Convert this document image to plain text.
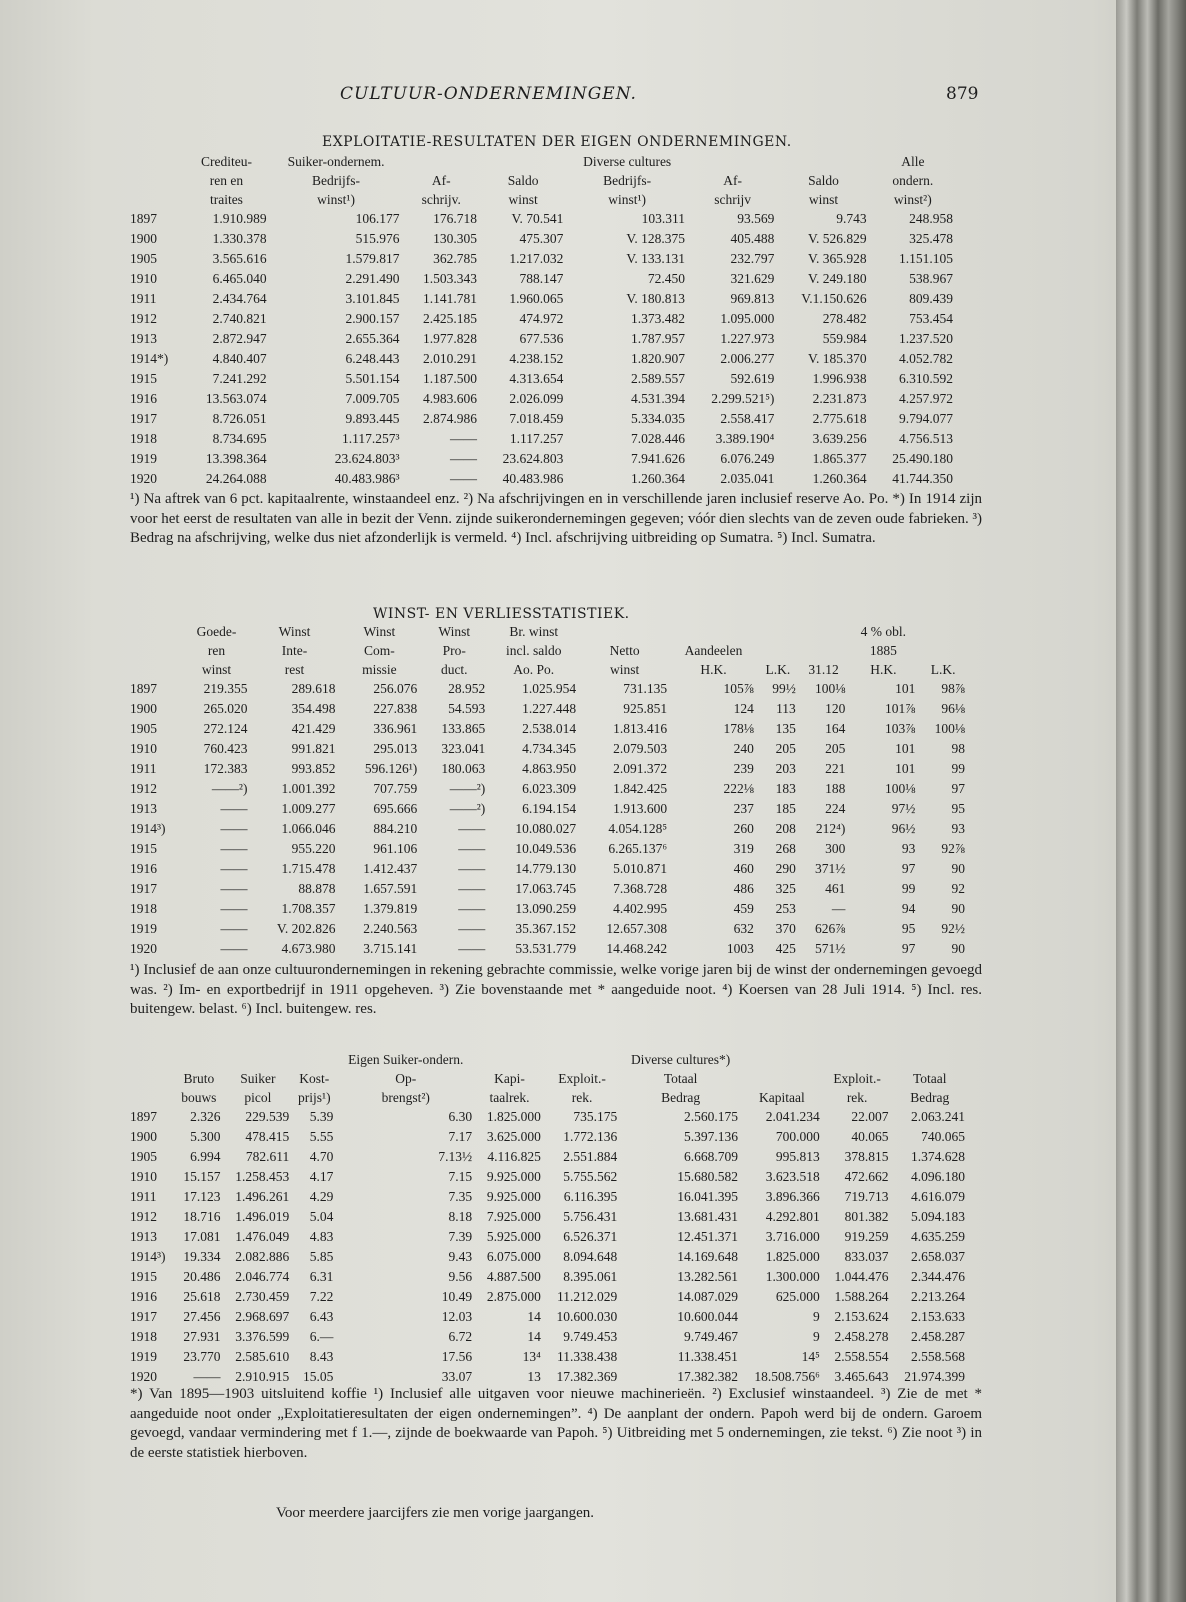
CULTUUR-ONDERNEMINGEN.	879
EXPLOITATIE-RESULTATEN DER EIGEN ONDERNEMINGEN.
	Crediteu-	Suiker-ondernem.			Diverse cultures			Alle
	ren en	Bedrijfs-	Af-	Saldo	Bedrijfs-	Af-	Saldo	ondern.
	traites	winst¹)	schrijv.	winst	winst¹)	schrijv	winst	winst²)
1897	1.910.989	106.177	176.718	V. 70.541	103.311	93.569	9.743	248.958
1900	1.330.378	515.976	130.305	475.307	V. 128.375	405.488	V. 526.829	325.478
1905	3.565.616	1.579.817	362.785	1.217.032	V. 133.131	232.797	V. 365.928	1.151.105
1910	6.465.040	2.291.490	1.503.343	788.147	72.450	321.629	V. 249.180	538.967
1911	2.434.764	3.101.845	1.141.781	1.960.065	V. 180.813	969.813	V.1.150.626	809.439
1912	2.740.821	2.900.157	2.425.185	474.972	1.373.482	1.095.000	278.482	753.454
1913	2.872.947	2.655.364	1.977.828	677.536	1.787.957	1.227.973	559.984	1.237.520
1914*)	4.840.407	6.248.443	2.010.291	4.238.152	1.820.907	2.006.277	V. 185.370	4.052.782
1915	7.241.292	5.501.154	1.187.500	4.313.654	2.589.557	592.619	1.996.938	6.310.592
1916	13.563.074	7.009.705	4.983.606	2.026.099	4.531.394	2.299.521⁵)	2.231.873	4.257.972
1917	8.726.051	9.893.445	2.874.986	7.018.459	5.334.035	2.558.417	2.775.618	9.794.077
1918	8.734.695	1.117.257³	——	1.117.257	7.028.446	3.389.190⁴	3.639.256	4.756.513
1919	13.398.364	23.624.803³	——	23.624.803	7.941.626	6.076.249	1.865.377	25.490.180
1920	24.264.088	40.483.986³	——	40.483.986	1.260.364	2.035.041	1.260.364	41.744.350
¹) Na aftrek van 6 pct. kapitaalrente, winstaandeel enz. ²) Na afschrijvingen en in verschillende jaren inclusief reserve Ao. Po. *) In 1914 zijn voor het eerst de resultaten van alle in bezit der Venn. zijnde suikerondernemingen gegeven; vóór dien slechts van de zeven oude fabrieken. ³) Bedrag na afschrijving, welke dus niet afzonderlijk is vermeld. ⁴) Incl. afschrijving uitbreiding op Sumatra. ⁵) Incl. Sumatra.
WINST- EN VERLIESSTATISTIEK.
	Goede-	Winst	Winst	Winst	Br. winst					4 % obl.	
	ren	Inte-	Com-	Pro-	incl. saldo	Netto	Aandeelen			1885	
	winst	rest	missie	duct.	Ao. Po.	winst	H.K.	L.K.	31.12	H.K.	L.K.
1897	219.355	289.618	256.076	28.952	1.025.954	731.135	105⅞	99½	100⅛	101	98⅞
1900	265.020	354.498	227.838	54.593	1.227.448	925.851	124	113	120	101⅞	96⅛
1905	272.124	421.429	336.961	133.865	2.538.014	1.813.416	178⅛	135	164	103⅞	100⅛
1910	760.423	991.821	295.013	323.041	4.734.345	2.079.503	240	205	205	101	98
1911	172.383	993.852	596.126¹)	180.063	4.863.950	2.091.372	239	203	221	101	99
1912	——²)	1.001.392	707.759	——²)	6.023.309	1.842.425	222⅛	183	188	100⅛	97
1913	——	1.009.277	695.666	——²)	6.194.154	1.913.600	237	185	224	97½	95
1914³)	——	1.066.046	884.210	——	10.080.027	4.054.128⁵	260	208	212⁴)	96½	93
1915	——	955.220	961.106	——	10.049.536	6.265.137⁶	319	268	300	93	92⅞
1916	——	1.715.478	1.412.437	——	14.779.130	5.010.871	460	290	371½	97	90
1917	——	88.878	1.657.591	——	17.063.745	7.368.728	486	325	461	99	92
1918	——	1.708.357	1.379.819	——	13.090.259	4.402.995	459	253	—	94	90
1919	——	V. 202.826	2.240.563	——	35.367.152	12.657.308	632	370	626⅞	95	92½
1920	——	4.673.980	3.715.141	——	53.531.779	14.468.242	1003	425	571½	97	90
¹) Inclusief de aan onze cultuurondernemingen in rekening gebrachte commissie, welke vorige jaren bij de winst der ondernemingen gevoegd was. ²) Im- en exportbedrijf in 1911 opgeheven. ³) Zie bovenstaande met * aangeduide noot. ⁴) Koersen van 28 Juli 1914. ⁵) Incl. res. buitengew. belast. ⁶) Incl. buitengew. res.
				Eigen Suiker-ondern.			Diverse cultures*)			
	Bruto	Suiker	Kost-	Op-	Kapi-	Exploit.-	Totaal		Exploit.-	Totaal
	bouws	picol	prijs¹)	brengst²)	taalrek.	rek.	Bedrag	Kapitaal	rek.	Bedrag
1897	2.326	229.539	5.39	6.30	1.825.000	735.175	2.560.175	2.041.234	22.007	2.063.241
1900	5.300	478.415	5.55	7.17	3.625.000	1.772.136	5.397.136	700.000	40.065	740.065
1905	6.994	782.611	4.70	7.13½	4.116.825	2.551.884	6.668.709	995.813	378.815	1.374.628
1910	15.157	1.258.453	4.17	7.15	9.925.000	5.755.562	15.680.582	3.623.518	472.662	4.096.180
1911	17.123	1.496.261	4.29	7.35	9.925.000	6.116.395	16.041.395	3.896.366	719.713	4.616.079
1912	18.716	1.496.019	5.04	8.18	7.925.000	5.756.431	13.681.431	4.292.801	801.382	5.094.183
1913	17.081	1.476.049	4.83	7.39	5.925.000	6.526.371	12.451.371	3.716.000	919.259	4.635.259
1914³)	19.334	2.082.886	5.85	9.43	6.075.000	8.094.648	14.169.648	1.825.000	833.037	2.658.037
1915	20.486	2.046.774	6.31	9.56	4.887.500	8.395.061	13.282.561	1.300.000	1.044.476	2.344.476
1916	25.618	2.730.459	7.22	10.49	2.875.000	11.212.029	14.087.029	625.000	1.588.264	2.213.264
1917	27.456	2.968.697	6.43	12.03	14	10.600.030	10.600.044	9	2.153.624	2.153.633
1918	27.931	3.376.599	6.—	6.72	14	9.749.453	9.749.467	9	2.458.278	2.458.287
1919	23.770	2.585.610	8.43	17.56	13⁴	11.338.438	11.338.451	14⁵	2.558.554	2.558.568
1920	——	2.910.915	15.05	33.07	13	17.382.369	17.382.382	18.508.756⁶	3.465.643	21.974.399
*) Van 1895—1903 uitsluitend koffie ¹) Inclusief alle uitgaven voor nieuwe machinerieën. ²) Exclusief winstaandeel. ³) Zie de met * aangeduide noot onder „Exploitatieresultaten der eigen ondernemingen”. ⁴) De aanplant der ondern. Papoh werd bij de ondern. Garoem gevoegd, vandaar vermindering met f 1.—, zijnde de boekwaarde van Papoh. ⁵) Uitbreiding met 5 ondernemingen, zie tekst. ⁶) Zie noot ³) in de eerste statistiek hierboven.
Voor meerdere jaarcijfers zie men vorige jaargangen.
